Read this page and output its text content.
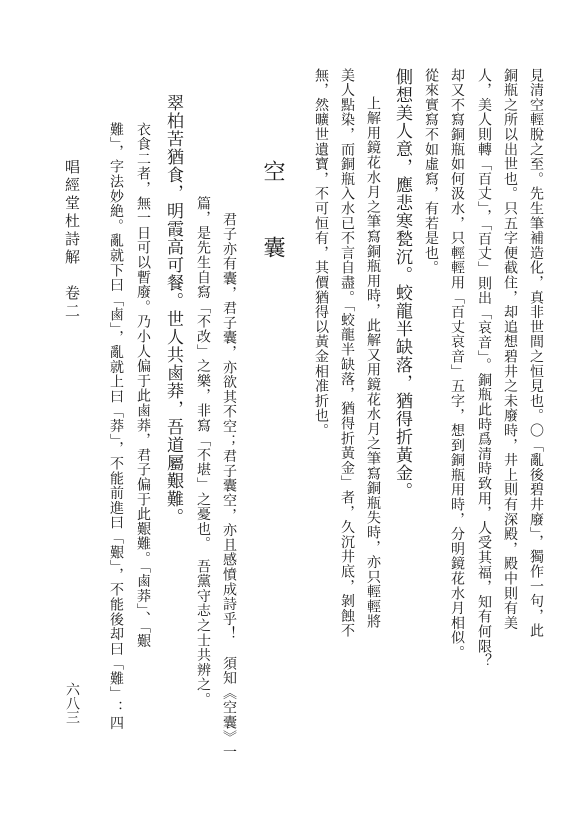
見清空輕脫之至。先生筆補造化，真非世間之恒見也。〇「亂後碧井廢」，獨作一句，此
銅瓶之所以出世也。只五字便截住，却追想碧井之未廢時，井上則有深殿，殿中則有美
人，美人則轉「百丈」，「百丈」則出「哀音」。銅瓶此時爲清時致用，人受其福，知有何限？
却又不寫銅瓶如何汲水，只輕輕用「百丈哀音」五字，想到銅瓶用時，分明鏡花水月相似。
從來實寫不如虛寫，有若是也。
側想美人意，應悲寒甃沉。蛟龍半缺落，猶得折黃金。
上解用鏡花水月之筆寫銅瓶用時，此解又用鏡花水月之筆寫銅瓶失時，亦只輕輕將
美人點染，而銅瓶入水已不言自盡。「蛟龍半缺落，猶得折黃金」者，久沉井底，剝蝕不
無，然曠世遺寶，不可恒有，其價猶得以黃金相准折也。
空　囊
君子亦有囊，君子囊，亦欲其不空；君子囊空，亦且感憤成詩乎！　須知《空囊》一
篇，是先生自寫「不改」之樂，非寫「不堪」之憂也。　吾黨守志之士共辨之。
翠柏苦猶食，明霞高可餐。世人共鹵莽，吾道屬艱難。
衣食二者，無一日可以暫廢。乃小人偏于此鹵莽，君子偏于此艱難。「鹵莽」、「艱
難」，字法妙絶。亂就下曰「鹵」，亂就上曰「莽」，不能前進曰「艱」，不能後却曰「難」：四
唱經堂杜詩解　卷二
六八三
